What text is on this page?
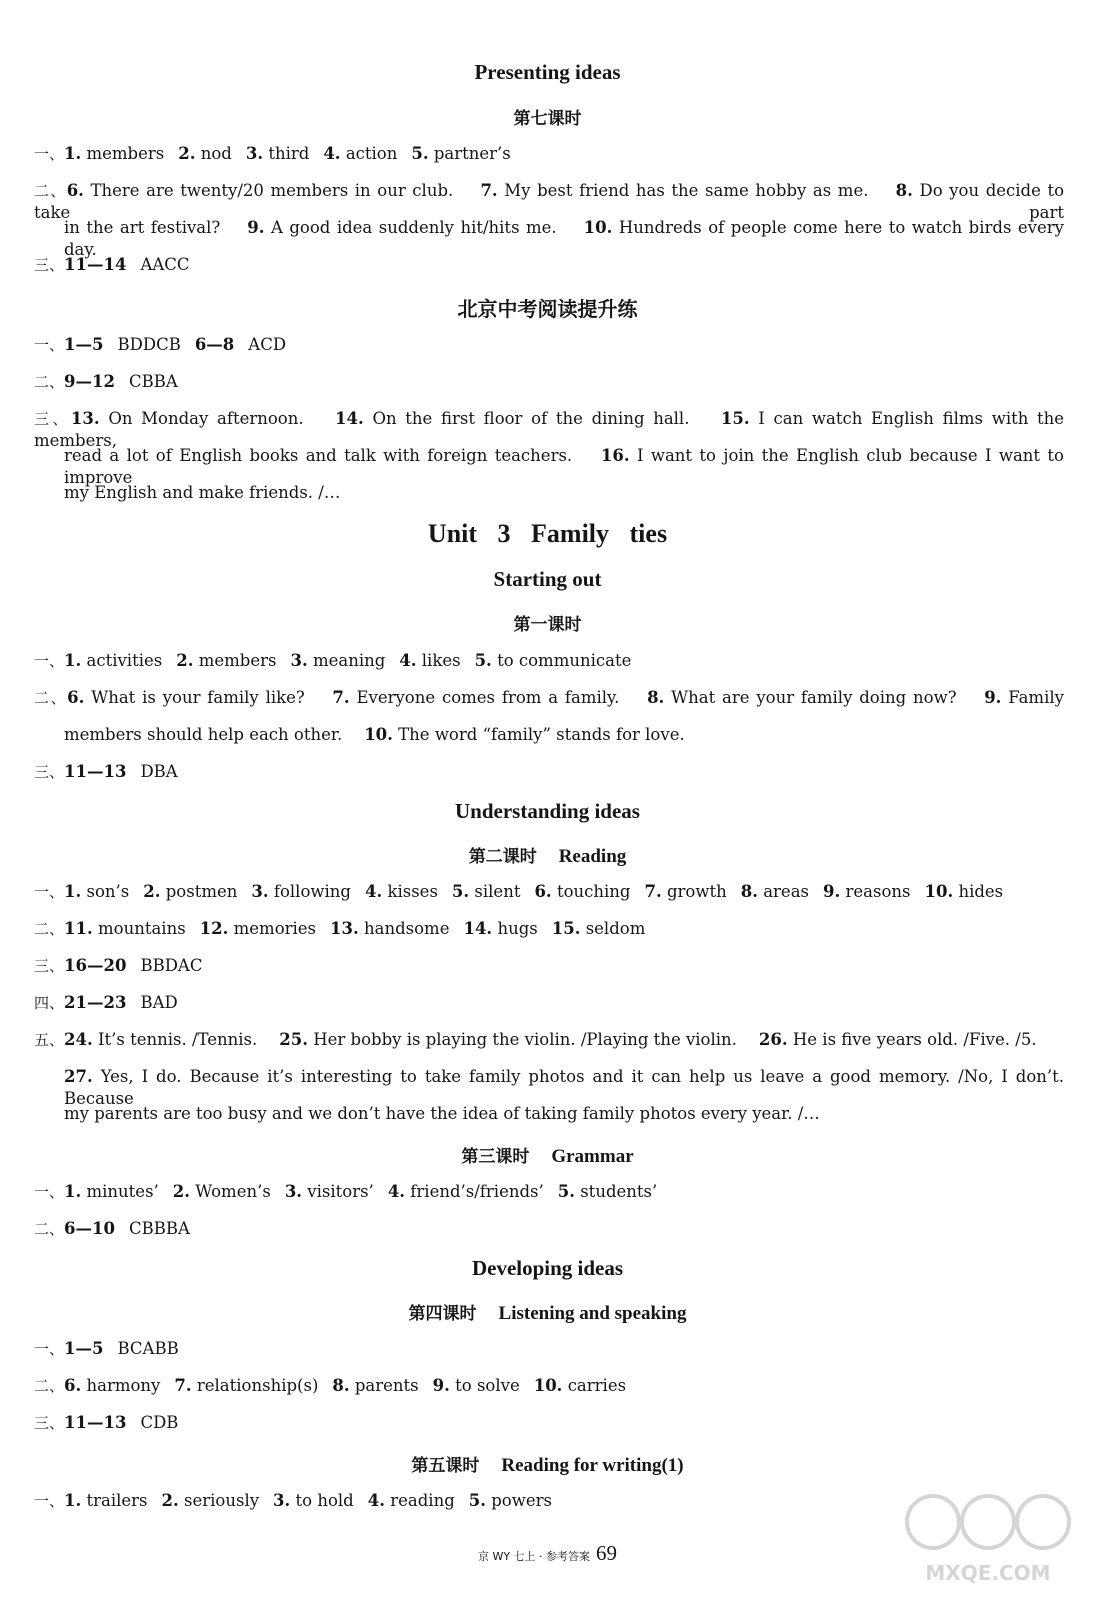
Presenting ideas
第七课时
一、1. members 2. nod 3. third 4. action 5. partner’s
二、6. There are twenty/20 members in our club. 7. My best friend has the same hobby as me. 8. Do you decide to take part
in the art festival? 9. A good idea suddenly hit/hits me. 10. Hundreds of people come here to watch birds every day.
三、11—14 AACC
北京中考阅读提升练
一、1—5 BDDCB 6—8 ACD
二、9—12 CBBA
三、13. On Monday afternoon. 14. On the first floor of the dining hall. 15. I can watch English films with the members,
read a lot of English books and talk with foreign teachers. 16. I want to join the English club because I want to improve
my English and make friends. /…
Unit 3 Family ties
Starting out
第一课时
一、1. activities 2. members 3. meaning 4. likes 5. to communicate
二、6. What is your family like? 7. Everyone comes from a family. 8. What are your family doing now? 9. Family
members should help each other. 10. The word “family” stands for love.
三、11—13 DBA
Understanding ideas
第二课时 Reading
一、1. son’s 2. postmen 3. following 4. kisses 5. silent 6. touching 7. growth 8. areas 9. reasons 10. hides
二、11. mountains 12. memories 13. handsome 14. hugs 15. seldom
三、16—20 BBDAC
四、21—23 BAD
五、24. It’s tennis. /Tennis. 25. Her bobby is playing the violin. /Playing the violin. 26. He is five years old. /Five. /5.
27. Yes, I do. Because it’s interesting to take family photos and it can help us leave a good memory. /No, I don’t. Because
my parents are too busy and we don’t have the idea of taking family photos every year. /…
第三课时 Grammar
一、1. minutes’ 2. Women’s 3. visitors’ 4. friend’s/friends’ 5. students’
二、6—10 CBBBA
Developing ideas
第四课时 Listening and speaking
一、1—5 BCABB
二、6. harmony 7. relationship(s) 8. parents 9. to solve 10. carries
三、11—13 CDB
第五课时 Reading for writing(1)
一、1. trailers 2. seriously 3. to hold 4. reading 5. powers
京 WY 七上 · 参考答案 69
MXQE.COM
